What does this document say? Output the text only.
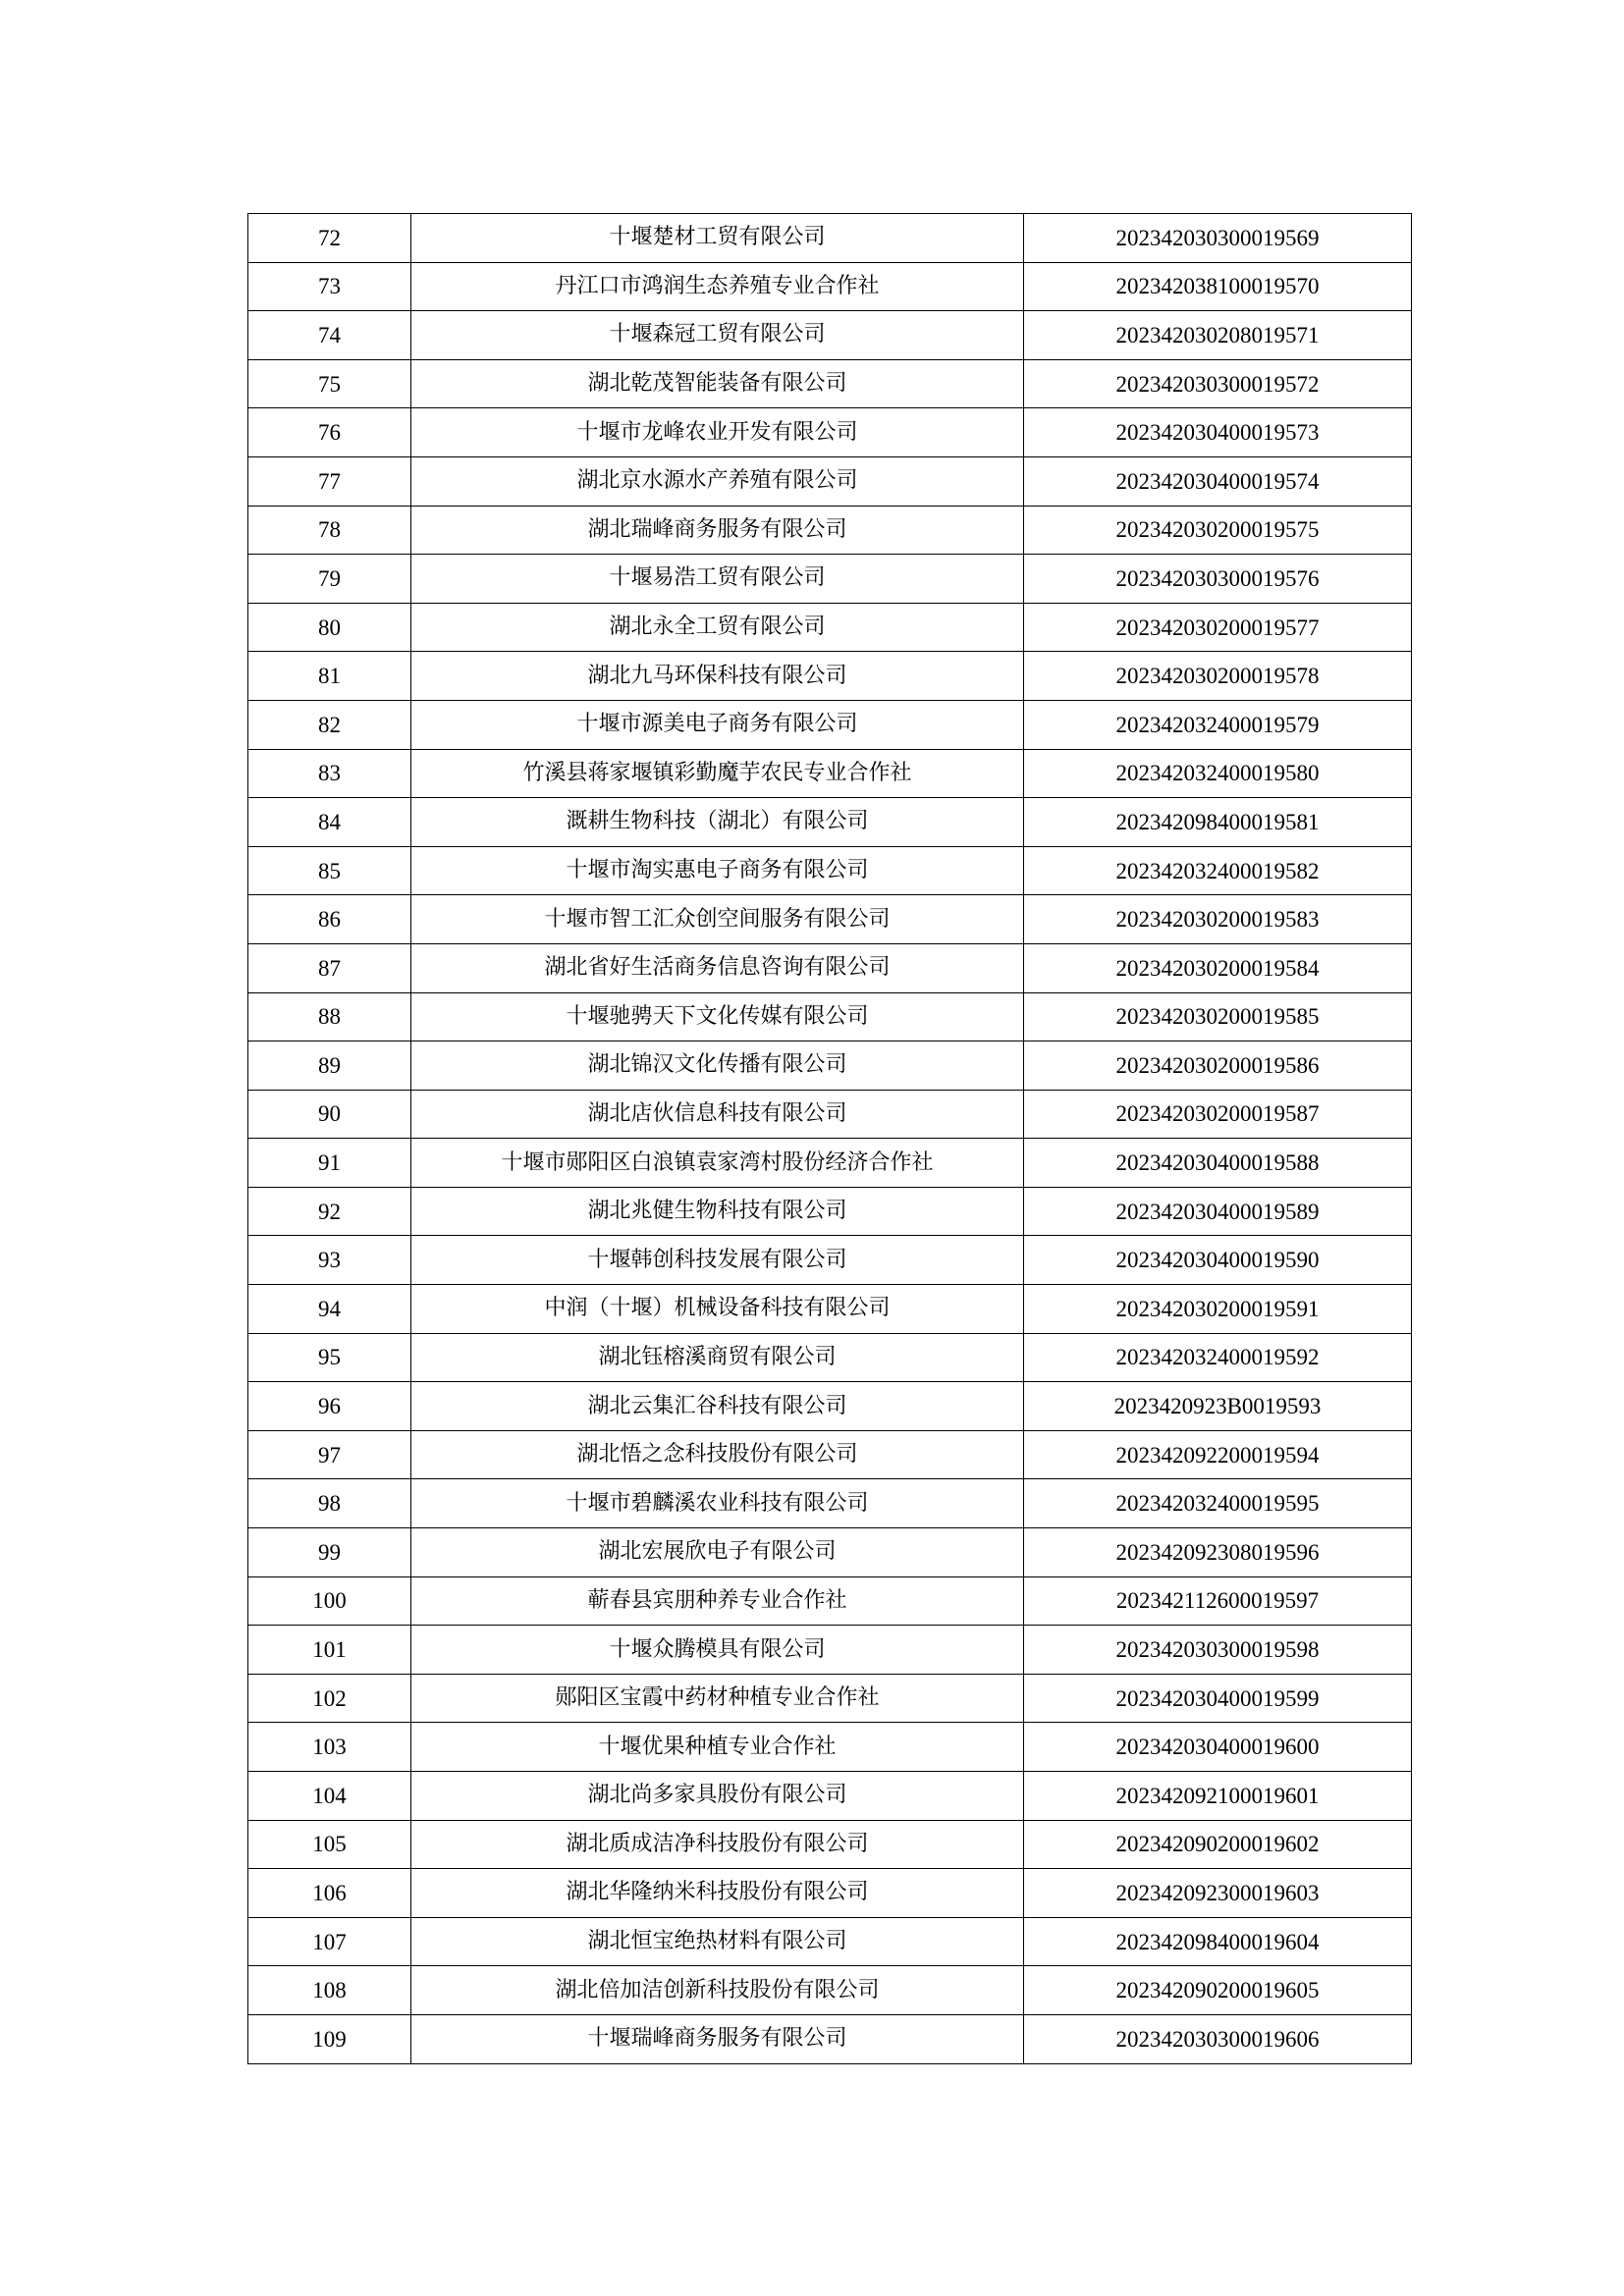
72	十堰楚材工贸有限公司	202342030300019569
73	丹江口市鸿润生态养殖专业合作社	202342038100019570
74	十堰森冠工贸有限公司	202342030208019571
75	湖北乾茂智能装备有限公司	202342030300019572
76	十堰市龙峰农业开发有限公司	202342030400019573
77	湖北京水源水产养殖有限公司	202342030400019574
78	湖北瑞峰商务服务有限公司	202342030200019575
79	十堰易浩工贸有限公司	202342030300019576
80	湖北永全工贸有限公司	202342030200019577
81	湖北九马环保科技有限公司	202342030200019578
82	十堰市源美电子商务有限公司	202342032400019579
83	竹溪县蒋家堰镇彩勤魔芋农民专业合作社	202342032400019580
84	溉耕生物科技（湖北）有限公司	202342098400019581
85	十堰市淘实惠电子商务有限公司	202342032400019582
86	十堰市智工汇众创空间服务有限公司	202342030200019583
87	湖北省好生活商务信息咨询有限公司	202342030200019584
88	十堰驰骋天下文化传媒有限公司	202342030200019585
89	湖北锦汉文化传播有限公司	202342030200019586
90	湖北店伙信息科技有限公司	202342030200019587
91	十堰市郧阳区白浪镇袁家湾村股份经济合作社	202342030400019588
92	湖北兆健生物科技有限公司	202342030400019589
93	十堰韩创科技发展有限公司	202342030400019590
94	中润（十堰）机械设备科技有限公司	202342030200019591
95	湖北钰榕溪商贸有限公司	202342032400019592
96	湖北云集汇谷科技有限公司	2023420923B0019593
97	湖北悟之念科技股份有限公司	202342092200019594
98	十堰市碧麟溪农业科技有限公司	202342032400019595
99	湖北宏展欣电子有限公司	202342092308019596
100	蕲春县宾朋种养专业合作社	202342112600019597
101	十堰众腾模具有限公司	202342030300019598
102	郧阳区宝霞中药材种植专业合作社	202342030400019599
103	十堰优果种植专业合作社	202342030400019600
104	湖北尚多家具股份有限公司	202342092100019601
105	湖北质成洁净科技股份有限公司	202342090200019602
106	湖北华隆纳米科技股份有限公司	202342092300019603
107	湖北恒宝绝热材料有限公司	202342098400019604
108	湖北倍加洁创新科技股份有限公司	202342090200019605
109	十堰瑞峰商务服务有限公司	202342030300019606
